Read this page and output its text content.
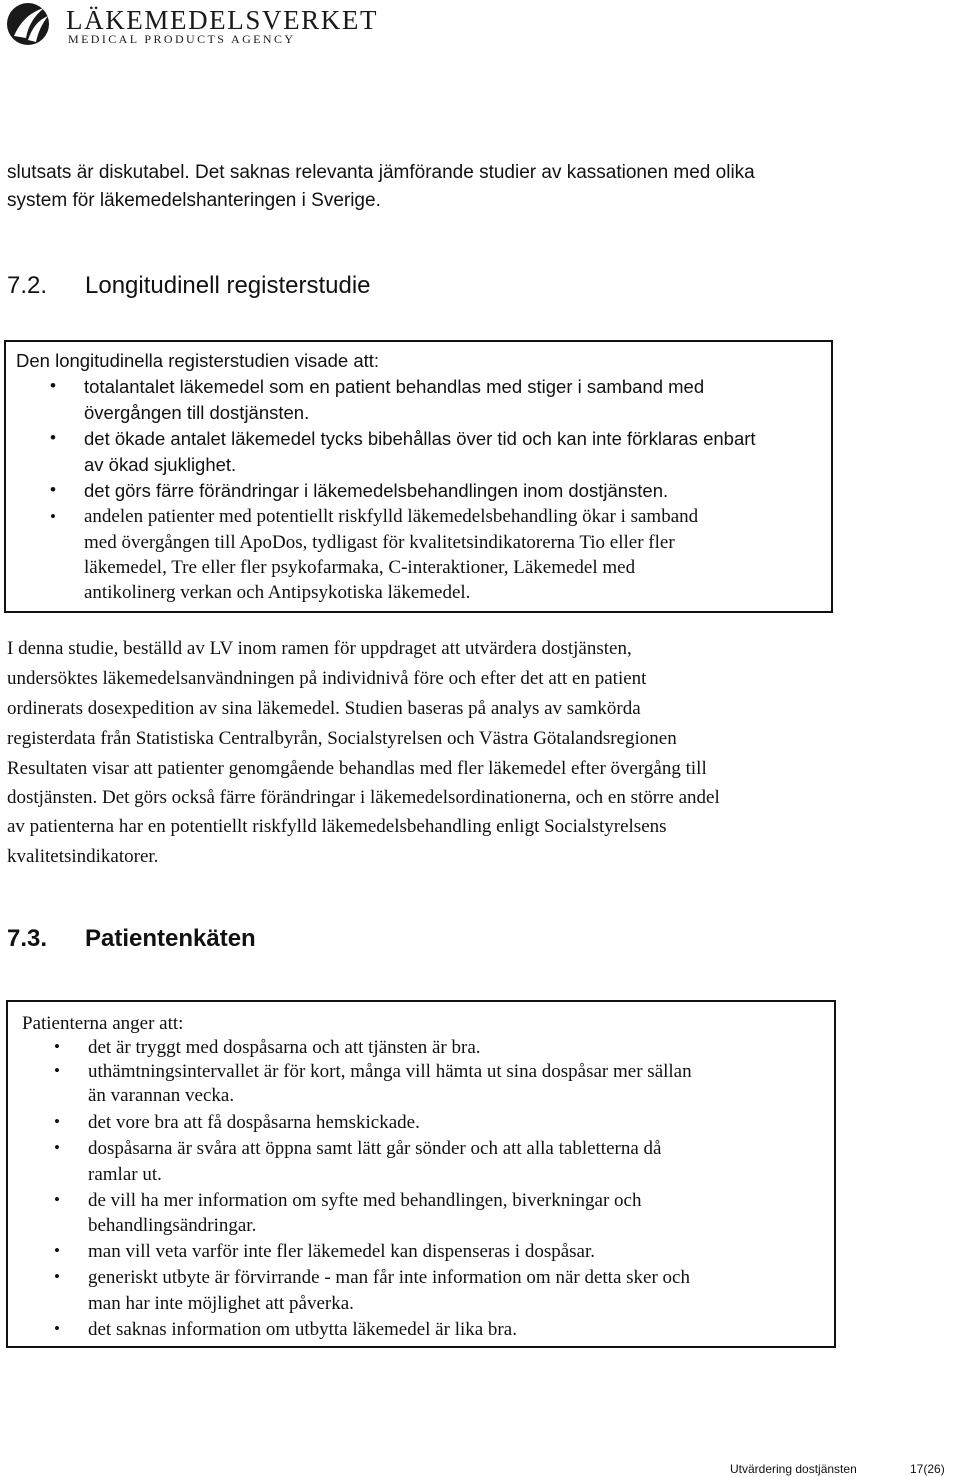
LÄKEMEDELSVERKET
MEDICAL PRODUCTS AGENCY
slutsats är diskutabel. Det saknas relevanta jämförande studier av kassationen med olika
system för läkemedelshanteringen i Sverige.
7.2. Longitudinell registerstudie
Den longitudinella registerstudien visade att:
• totalantalet läkemedel som en patient behandlas med stiger i samband med
övergången till dostjänsten.
• det ökade antalet läkemedel tycks bibehållas över tid och kan inte förklaras enbart
av ökad sjuklighet.
• det görs färre förändringar i läkemedelsbehandlingen inom dostjänsten.
• andelen patienter med potentiellt riskfylld läkemedelsbehandling ökar i samband
med övergången till ApoDos, tydligast för kvalitetsindikatorerna Tio eller fler
läkemedel, Tre eller fler psykofarmaka, C-interaktioner, Läkemedel med
antikolinerg verkan och Antipsykotiska läkemedel.
I denna studie, beställd av LV inom ramen för uppdraget att utvärdera dostjänsten,
undersöktes läkemedelsanvändningen på individnivå före och efter det att en patient
ordinerats dosexpedition av sina läkemedel. Studien baseras på analys av samkörda
registerdata från Statistiska Centralbyrån, Socialstyrelsen och Västra Götalandsregionen
Resultaten visar att patienter genomgående behandlas med fler läkemedel efter övergång till
dostjänsten. Det görs också färre förändringar i läkemedelsordinationerna, och en större andel
av patienterna har en potentiellt riskfylld läkemedelsbehandling enligt Socialstyrelsens
kvalitetsindikatorer.
7.3. Patientenkäten
Patienterna anger att:
• det är tryggt med dospåsarna och att tjänsten är bra.
• uthämtningsintervallet är för kort, många vill hämta ut sina dospåsar mer sällan
än varannan vecka.
• det vore bra att få dospåsarna hemskickade.
• dospåsarna är svåra att öppna samt lätt går sönder och att alla tabletterna då
ramlar ut.
• de vill ha mer information om syfte med behandlingen, biverkningar och
behandlingsändringar.
• man vill veta varför inte fler läkemedel kan dispenseras i dospåsar.
• generiskt utbyte är förvirrande - man får inte information om när detta sker och
man har inte möjlighet att påverka.
• det saknas information om utbytta läkemedel är lika bra.
Utvärdering dostjänsten	17(26)
